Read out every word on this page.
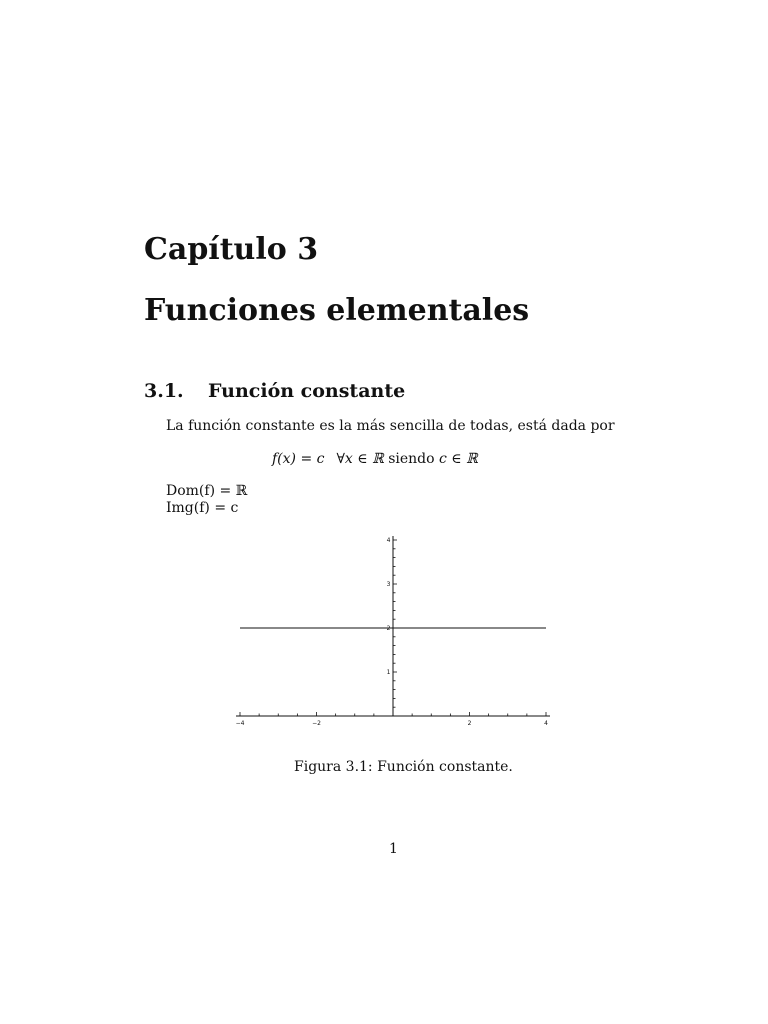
Capítulo 3
Funciones elementales
3.1. Función constante
La función constante es la más sencilla de todas, está dada por
f(x) = c ∀x ∈ ℝ siendo c ∈ ℝ
Dom(f) = ℝ
Img(f) = c
−4	−2	2	4
1
2
3
4
Figura 3.1: Función constante.
1
